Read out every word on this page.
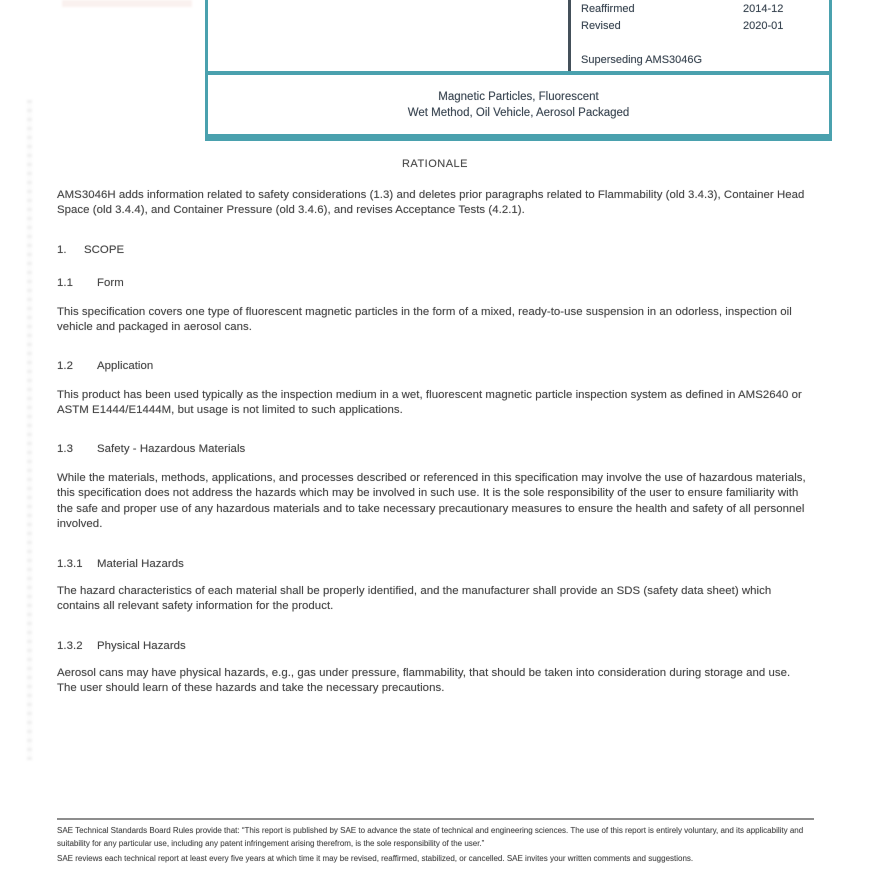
Reaffirmed	2014-12
Revised	2020-01
Superseding AMS3046G
Magnetic Particles, Fluorescent
Wet Method, Oil Vehicle, Aerosol Packaged
RATIONALE
AMS3046H adds information related to safety considerations (1.3) and deletes prior paragraphs related to Flammability (old 3.4.3), Container Head Space (old 3.4.4), and Container Pressure (old 3.4.6), and revises Acceptance Tests (4.2.1).
1. SCOPE
1.1 Form
This specification covers one type of fluorescent magnetic particles in the form of a mixed, ready-to-use suspension in an odorless, inspection oil vehicle and packaged in aerosol cans.
1.2 Application
This product has been used typically as the inspection medium in a wet, fluorescent magnetic particle inspection system as defined in AMS2640 or ASTM E1444/E1444M, but usage is not limited to such applications.
1.3 Safety - Hazardous Materials
While the materials, methods, applications, and processes described or referenced in this specification may involve the use of hazardous materials, this specification does not address the hazards which may be involved in such use. It is the sole responsibility of the user to ensure familiarity with the safe and proper use of any hazardous materials and to take necessary precautionary measures to ensure the health and safety of all personnel involved.
1.3.1 Material Hazards
The hazard characteristics of each material shall be properly identified, and the manufacturer shall provide an SDS (safety data sheet) which contains all relevant safety information for the product.
1.3.2 Physical Hazards
Aerosol cans may have physical hazards, e.g., gas under pressure, flammability, that should be taken into consideration during storage and use. The user should learn of these hazards and take the necessary precautions.
SAE Technical Standards Board Rules provide that: “This report is published by SAE to advance the state of technical and engineering sciences. The use of this report is entirely voluntary, and its applicability and suitability for any particular use, including any patent infringement arising therefrom, is the sole responsibility of the user.”
SAE reviews each technical report at least every five years at which time it may be revised, reaffirmed, stabilized, or cancelled. SAE invites your written comments and suggestions.
